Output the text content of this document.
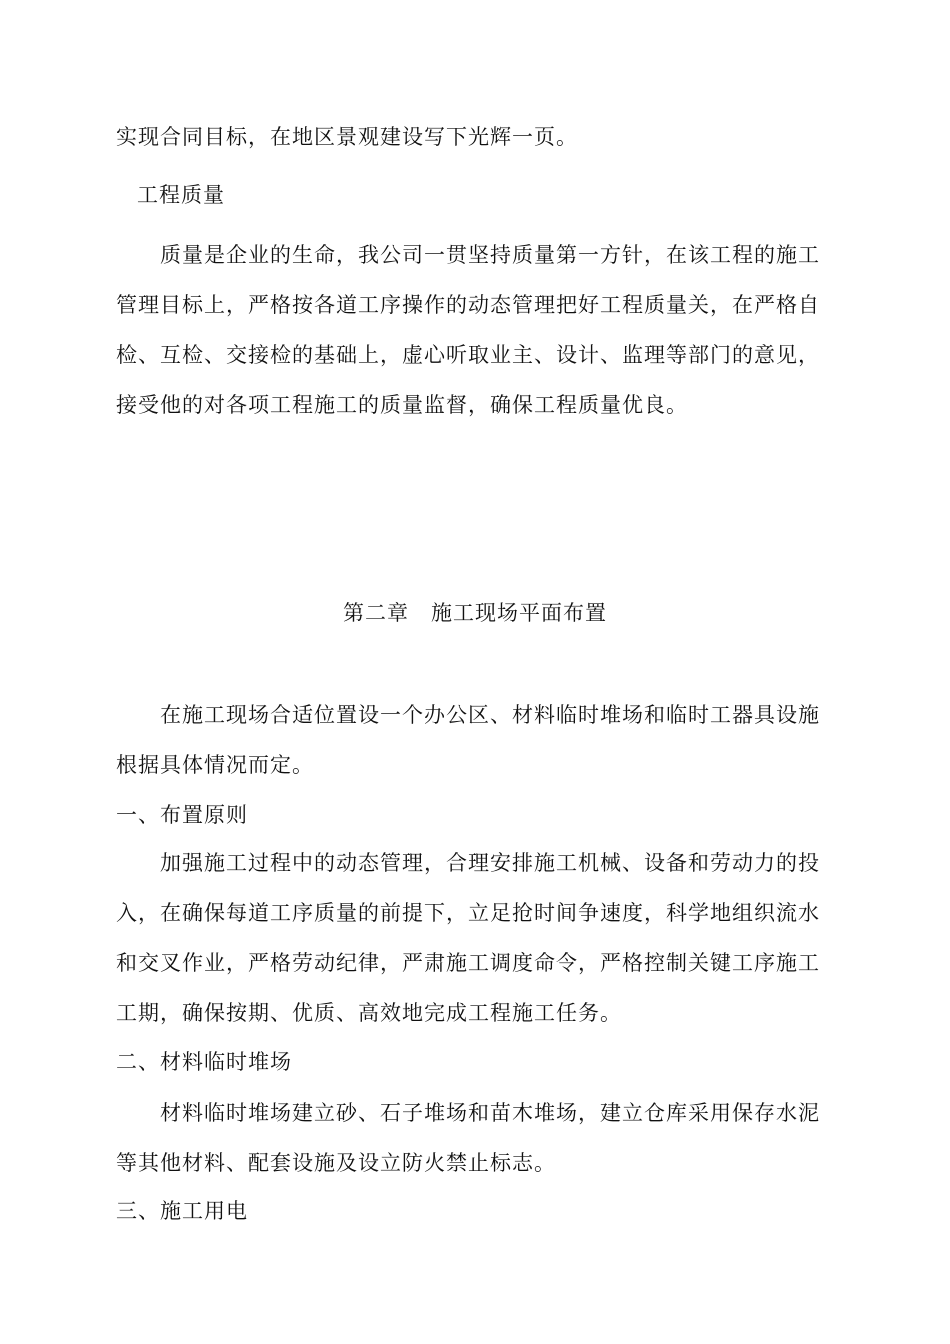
实现合同目标，在地区景观建设写下光辉一页。
工程质量
质量是企业的生命，我公司一贯坚持质量第一方针，在该工程的施工
管理目标上，严格按各道工序操作的动态管理把好工程质量关，在严格自
检、互检、交接检的基础上，虚心听取业主、设计、监理等部门的意见，
接受他的对各项工程施工的质量监督，确保工程质量优良。
第二章　施工现场平面布置
在施工现场合适位置设一个办公区、材料临时堆场和临时工器具设施
根据具体情况而定。
一、布置原则
加强施工过程中的动态管理，合理安排施工机械、设备和劳动力的投
入，在确保每道工序质量的前提下，立足抢时间争速度，科学地组织流水
和交叉作业，严格劳动纪律，严肃施工调度命令，严格控制关键工序施工
工期，确保按期、优质、高效地完成工程施工任务。
二、材料临时堆场
材料临时堆场建立砂、石子堆场和苗木堆场，建立仓库采用保存水泥
等其他材料、配套设施及设立防火禁止标志。
三、施工用电
